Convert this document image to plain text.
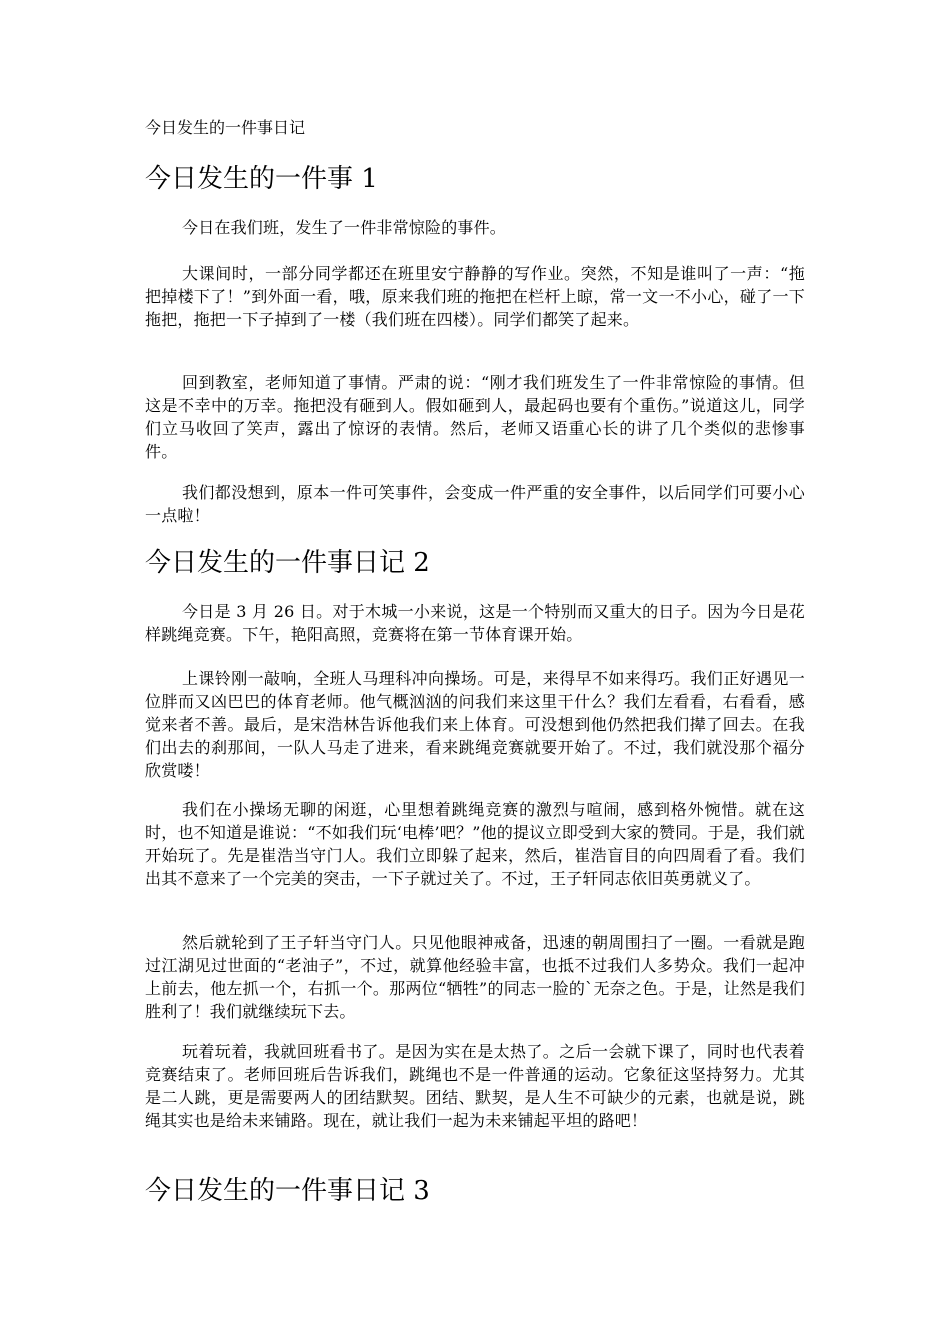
今日发生的一件事日记
今日发生的一件事 1

今日在我们班，发生了一件非常惊险的事件。

大课间时，一部分同学都还在班里安宁静静的写作业。突然，不知是谁叫了一声：“拖把掉楼下了！”到外面一看，哦，原来我们班的拖把在栏杆上晾，常一文一不小心，碰了一下拖把，拖把一下子掉到了一楼（我们班在四楼）。同学们都笑了起来。

回到教室，老师知道了事情。严肃的说：“刚才我们班发生了一件非常惊险的事情。但这是不幸中的万幸。拖把没有砸到人。假如砸到人，最起码也要有个重伤。”说道这儿，同学们立马收回了笑声，露出了惊讶的表情。然后，老师又语重心长的讲了几个类似的悲惨事件。

我们都没想到，原本一件可笑事件，会变成一件严重的安全事件，以后同学们可要小心一点啦！

今日发生的一件事日记 2

今日是 3 月 26 日。对于木城一小来说，这是一个特别而又重大的日子。因为今日是花样跳绳竞赛。下午，艳阳高照，竞赛将在第一节体育课开始。

上课铃刚一敲响，全班人马理科冲向操场。可是，来得早不如来得巧。我们正好遇见一位胖而又凶巴巴的体育老师。他气概汹汹的问我们来这里干什么？我们左看看，右看看，感觉来者不善。最后，是宋浩林告诉他我们来上体育。可没想到他仍然把我们撵了回去。在我们出去的刹那间，一队人马走了进来，看来跳绳竞赛就要开始了。不过，我们就没那个福分欣赏喽！

我们在小操场无聊的闲逛，心里想着跳绳竞赛的激烈与喧闹，感到格外惋惜。就在这时，也不知道是谁说：“不如我们玩‘电棒’吧？”他的提议立即受到大家的赞同。于是，我们就开始玩了。先是崔浩当守门人。我们立即躲了起来，然后，崔浩盲目的向四周看了看。我们出其不意来了一个完美的突击，一下子就过关了。不过，王子轩同志依旧英勇就义了。

然后就轮到了王子轩当守门人。只见他眼神戒备，迅速的朝周围扫了一圈。一看就是跑过江湖见过世面的“老油子”，不过，就算他经验丰富，也抵不过我们人多势众。我们一起冲上前去，他左抓一个，右抓一个。那两位“牺牲”的同志一脸的`无奈之色。于是，让然是我们胜利了！我们就继续玩下去。

玩着玩着，我就回班看书了。是因为实在是太热了。之后一会就下课了，同时也代表着竞赛结束了。老师回班后告诉我们，跳绳也不是一件普通的运动。它象征这坚持努力。尤其是二人跳，更是需要两人的团结默契。团结、默契，是人生不可缺少的元素，也就是说，跳绳其实也是给未来铺路。现在，就让我们一起为未来铺起平坦的路吧！

今日发生的一件事日记 3
